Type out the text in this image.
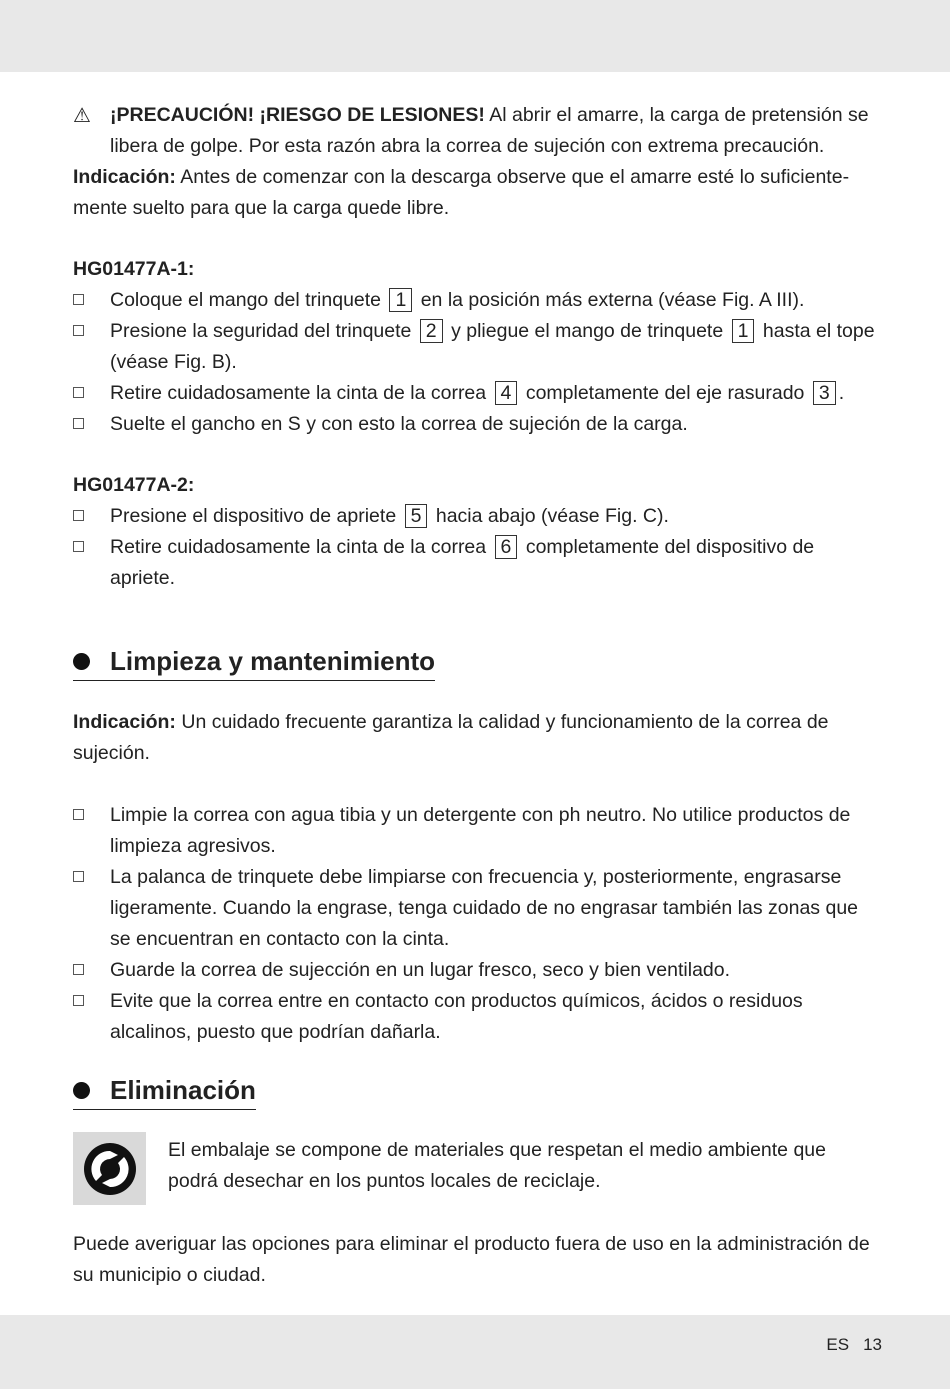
⚠ ¡PRECAUCIÓN! ¡RIESGO DE LESIONES! Al abrir el amarre, la carga de pretensión se libera de golpe. Por esta razón abra la correa de sujeción con extrema precaución.

Indicación: Antes de comenzar con la descarga observe que el amarre esté lo suficiente-mente suelto para que la carga quede libre.

HG01477A-1:

Coloque el mango del trinquete 1 en la posición más externa (véase Fig. A III).
Presione la seguridad del trinquete 2 y pliegue el mango de trinquete 1 hasta el tope (véase Fig. B).
Retire cuidadosamente la cinta de la correa 4 completamente del eje rasurado 3 .
Suelte el gancho en S y con esto la correa de sujeción de la carga.

HG01477A-2:

Presione el dispositivo de apriete 5 hacia abajo (véase Fig. C).
Retire cuidadosamente la cinta de la correa 6 completamente del dispositivo de apriete.
Limpieza y mantenimiento

Indicación: Un cuidado frecuente garantiza la calidad y funcionamiento de la correa de sujeción.

Limpie la correa con agua tibia y un detergente con ph neutro. No utilice productos de limpieza agresivos.
La palanca de trinquete debe limpiarse con frecuencia y, posteriormente, engrasarse ligeramente. Cuando la engrase, tenga cuidado de no engrasar también las zonas que se encuentran en contacto con la cinta.
Guarde la correa de sujección en un lugar fresco, seco y bien ventilado.
Evite que la correa entre en contacto con productos químicos, ácidos o residuos alcalinos, puesto que podrían dañarla.
Eliminación

El embalaje se compone de materiales que respetan el medio ambiente que podrá desechar en los puntos locales de reciclaje.

Puede averiguar las opciones para eliminar el producto fuera de uso en la administración de su municipio o ciudad.

ES 13
